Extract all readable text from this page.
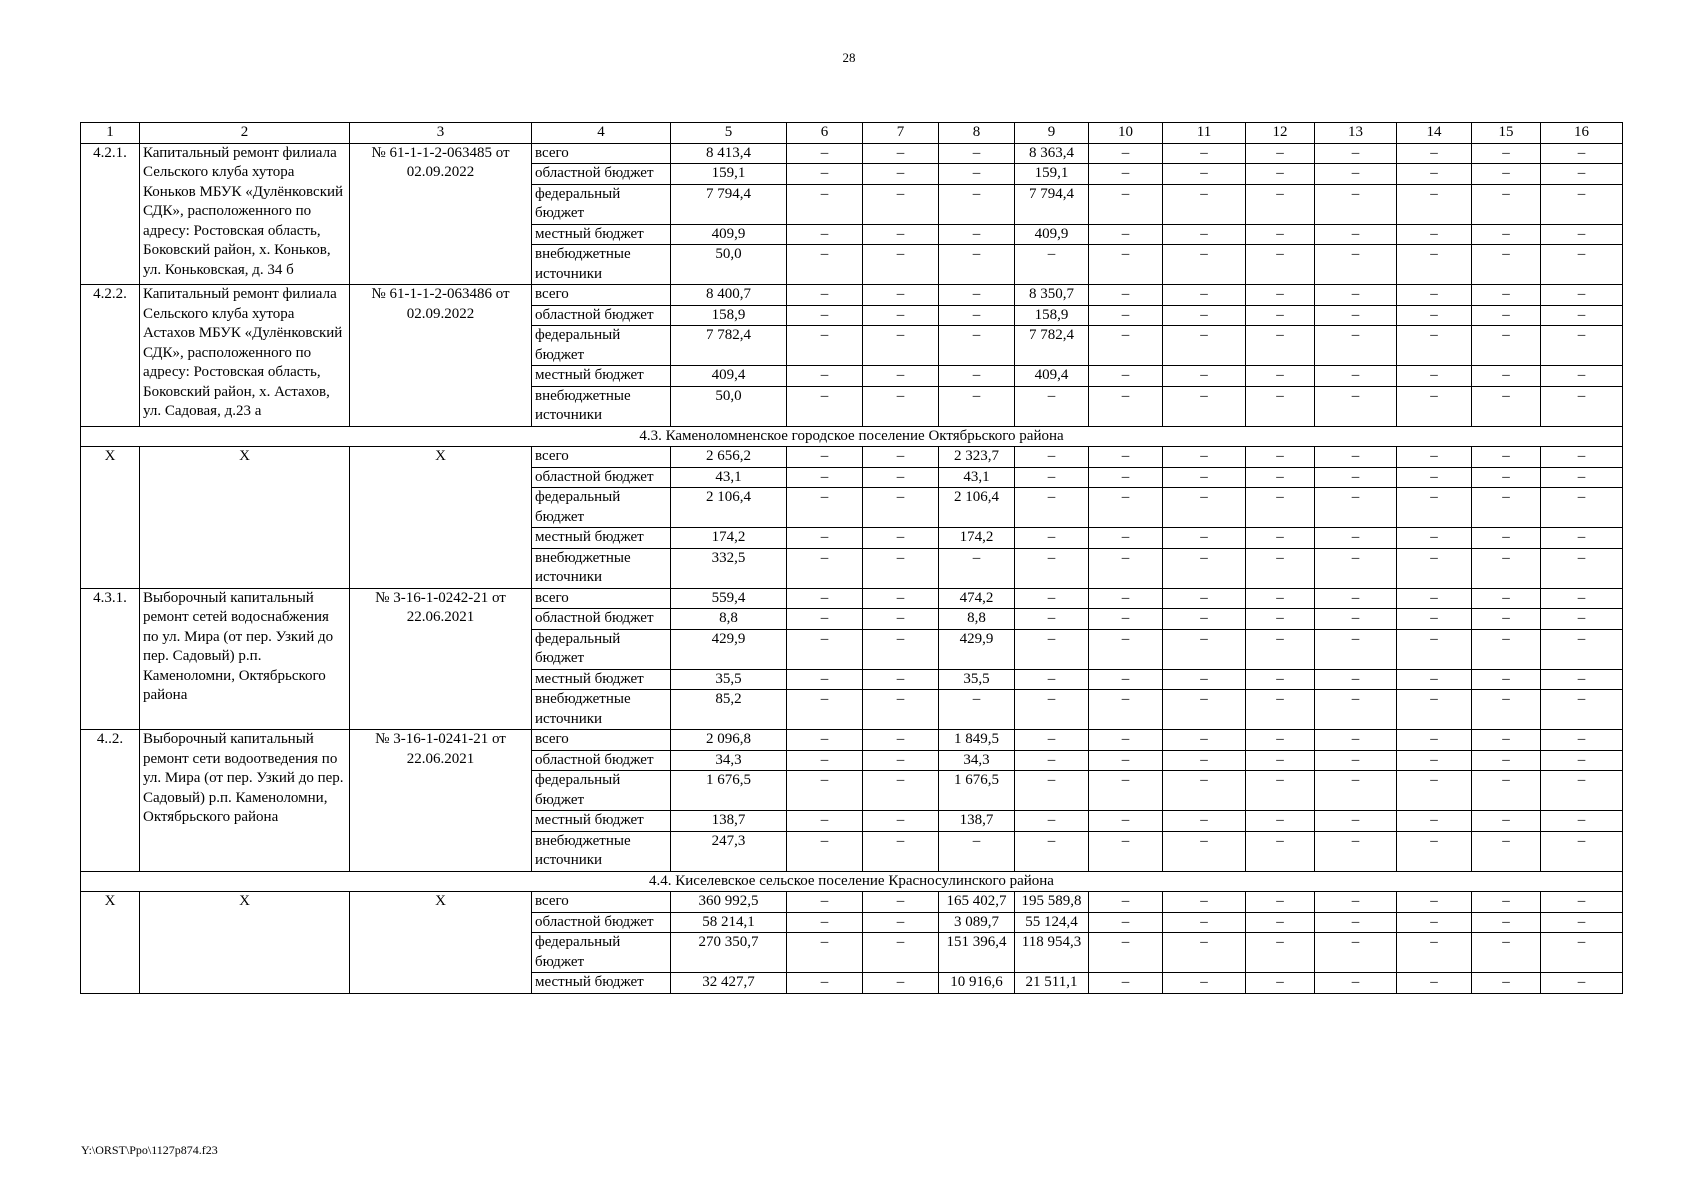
28
1	2	3	4	5	6	7	8	9	10	11	12	13	14	15	16
4.2.1.	Капитальный ремонт филиала Сельского клуба хутора Коньков МБУК «Дулёнковский СДК», расположенного по адресу: Ростовская область, Боковский район, х. Коньков, ул. Коньковская, д. 34 б	№ 61-1-1-2-063485 от 02.09.2022	всего	8 413,4	–	–	–	8 363,4	–	–	–	–	–	–	–
			областной бюджет	159,1	–	–	–	159,1	–	–	–	–	–	–	–
			федеральный бюджет	7 794,4	–	–	–	7 794,4	–	–	–	–	–	–	–
			местный бюджет	409,9	–	–	–	409,9	–	–	–	–	–	–	–
			внебюджетные источники	50,0	–	–	–	–	–	–	–	–	–	–	–
4.2.2.	Капитальный ремонт филиала Сельского клуба хутора Астахов МБУК «Дулёнковский СДК», расположенного по адресу: Ростовская область, Боковский район, х. Астахов, ул. Садовая, д.23 а	№ 61-1-1-2-063486 от 02.09.2022	всего	8 400,7	–	–	–	8 350,7	–	–	–	–	–	–	–
			областной бюджет	158,9	–	–	–	158,9	–	–	–	–	–	–	–
			федеральный бюджет	7 782,4	–	–	–	7 782,4	–	–	–	–	–	–	–
			местный бюджет	409,4	–	–	–	409,4	–	–	–	–	–	–	–
			внебюджетные источники	50,0	–	–	–	–	–	–	–	–	–	–	–
4.3. Каменоломненское городское поселение Октябрьского района															
Х	Х	Х	всего	2 656,2	–	–	2 323,7	–	–	–	–	–	–	–	–
			областной бюджет	43,1	–	–	43,1	–	–	–	–	–	–	–	–
			федеральный бюджет	2 106,4	–	–	2 106,4	–	–	–	–	–	–	–	–
			местный бюджет	174,2	–	–	174,2	–	–	–	–	–	–	–	–
			внебюджетные источники	332,5	–	–	–	–	–	–	–	–	–	–	–
4.3.1.	Выборочный капитальный ремонт сетей водоснабжения по ул. Мира (от пер. Узкий до пер. Садовый) р.п. Каменоломни, Октябрьского района	№ 3-16-1-0242-21 от 22.06.2021	всего	559,4	–	–	474,2	–	–	–	–	–	–	–	–
			областной бюджет	8,8	–	–	8,8	–	–	–	–	–	–	–	–
			федеральный бюджет	429,9	–	–	429,9	–	–	–	–	–	–	–	–
			местный бюджет	35,5	–	–	35,5	–	–	–	–	–	–	–	–
			внебюджетные источники	85,2	–	–	–	–	–	–	–	–	–	–	–
4..2.	Выборочный капитальный ремонт сети водоотведения по ул. Мира (от пер. Узкий до пер. Садовый) р.п. Каменоломни, Октябрьского района	№ 3-16-1-0241-21 от 22.06.2021	всего	2 096,8	–	–	1 849,5	–	–	–	–	–	–	–	–
			областной бюджет	34,3	–	–	34,3	–	–	–	–	–	–	–	–
			федеральный бюджет	1 676,5	–	–	1 676,5	–	–	–	–	–	–	–	–
			местный бюджет	138,7	–	–	138,7	–	–	–	–	–	–	–	–
			внебюджетные источники	247,3	–	–	–	–	–	–	–	–	–	–	–
4.4. Киселевское сельское поселение Красносулинского района															
Х	Х	Х	всего	360 992,5	–	–	165 402,7	195 589,8	–	–	–	–	–	–	–
			областной бюджет	58 214,1	–	–	3 089,7	55 124,4	–	–	–	–	–	–	–
			федеральный бюджет	270 350,7	–	–	151 396,4	118 954,3	–	–	–	–	–	–	–
			местный бюджет	32 427,7	–	–	10 916,6	21 511,1	–	–	–	–	–	–	–
Y:\ORST\Ppo\1127p874.f23
